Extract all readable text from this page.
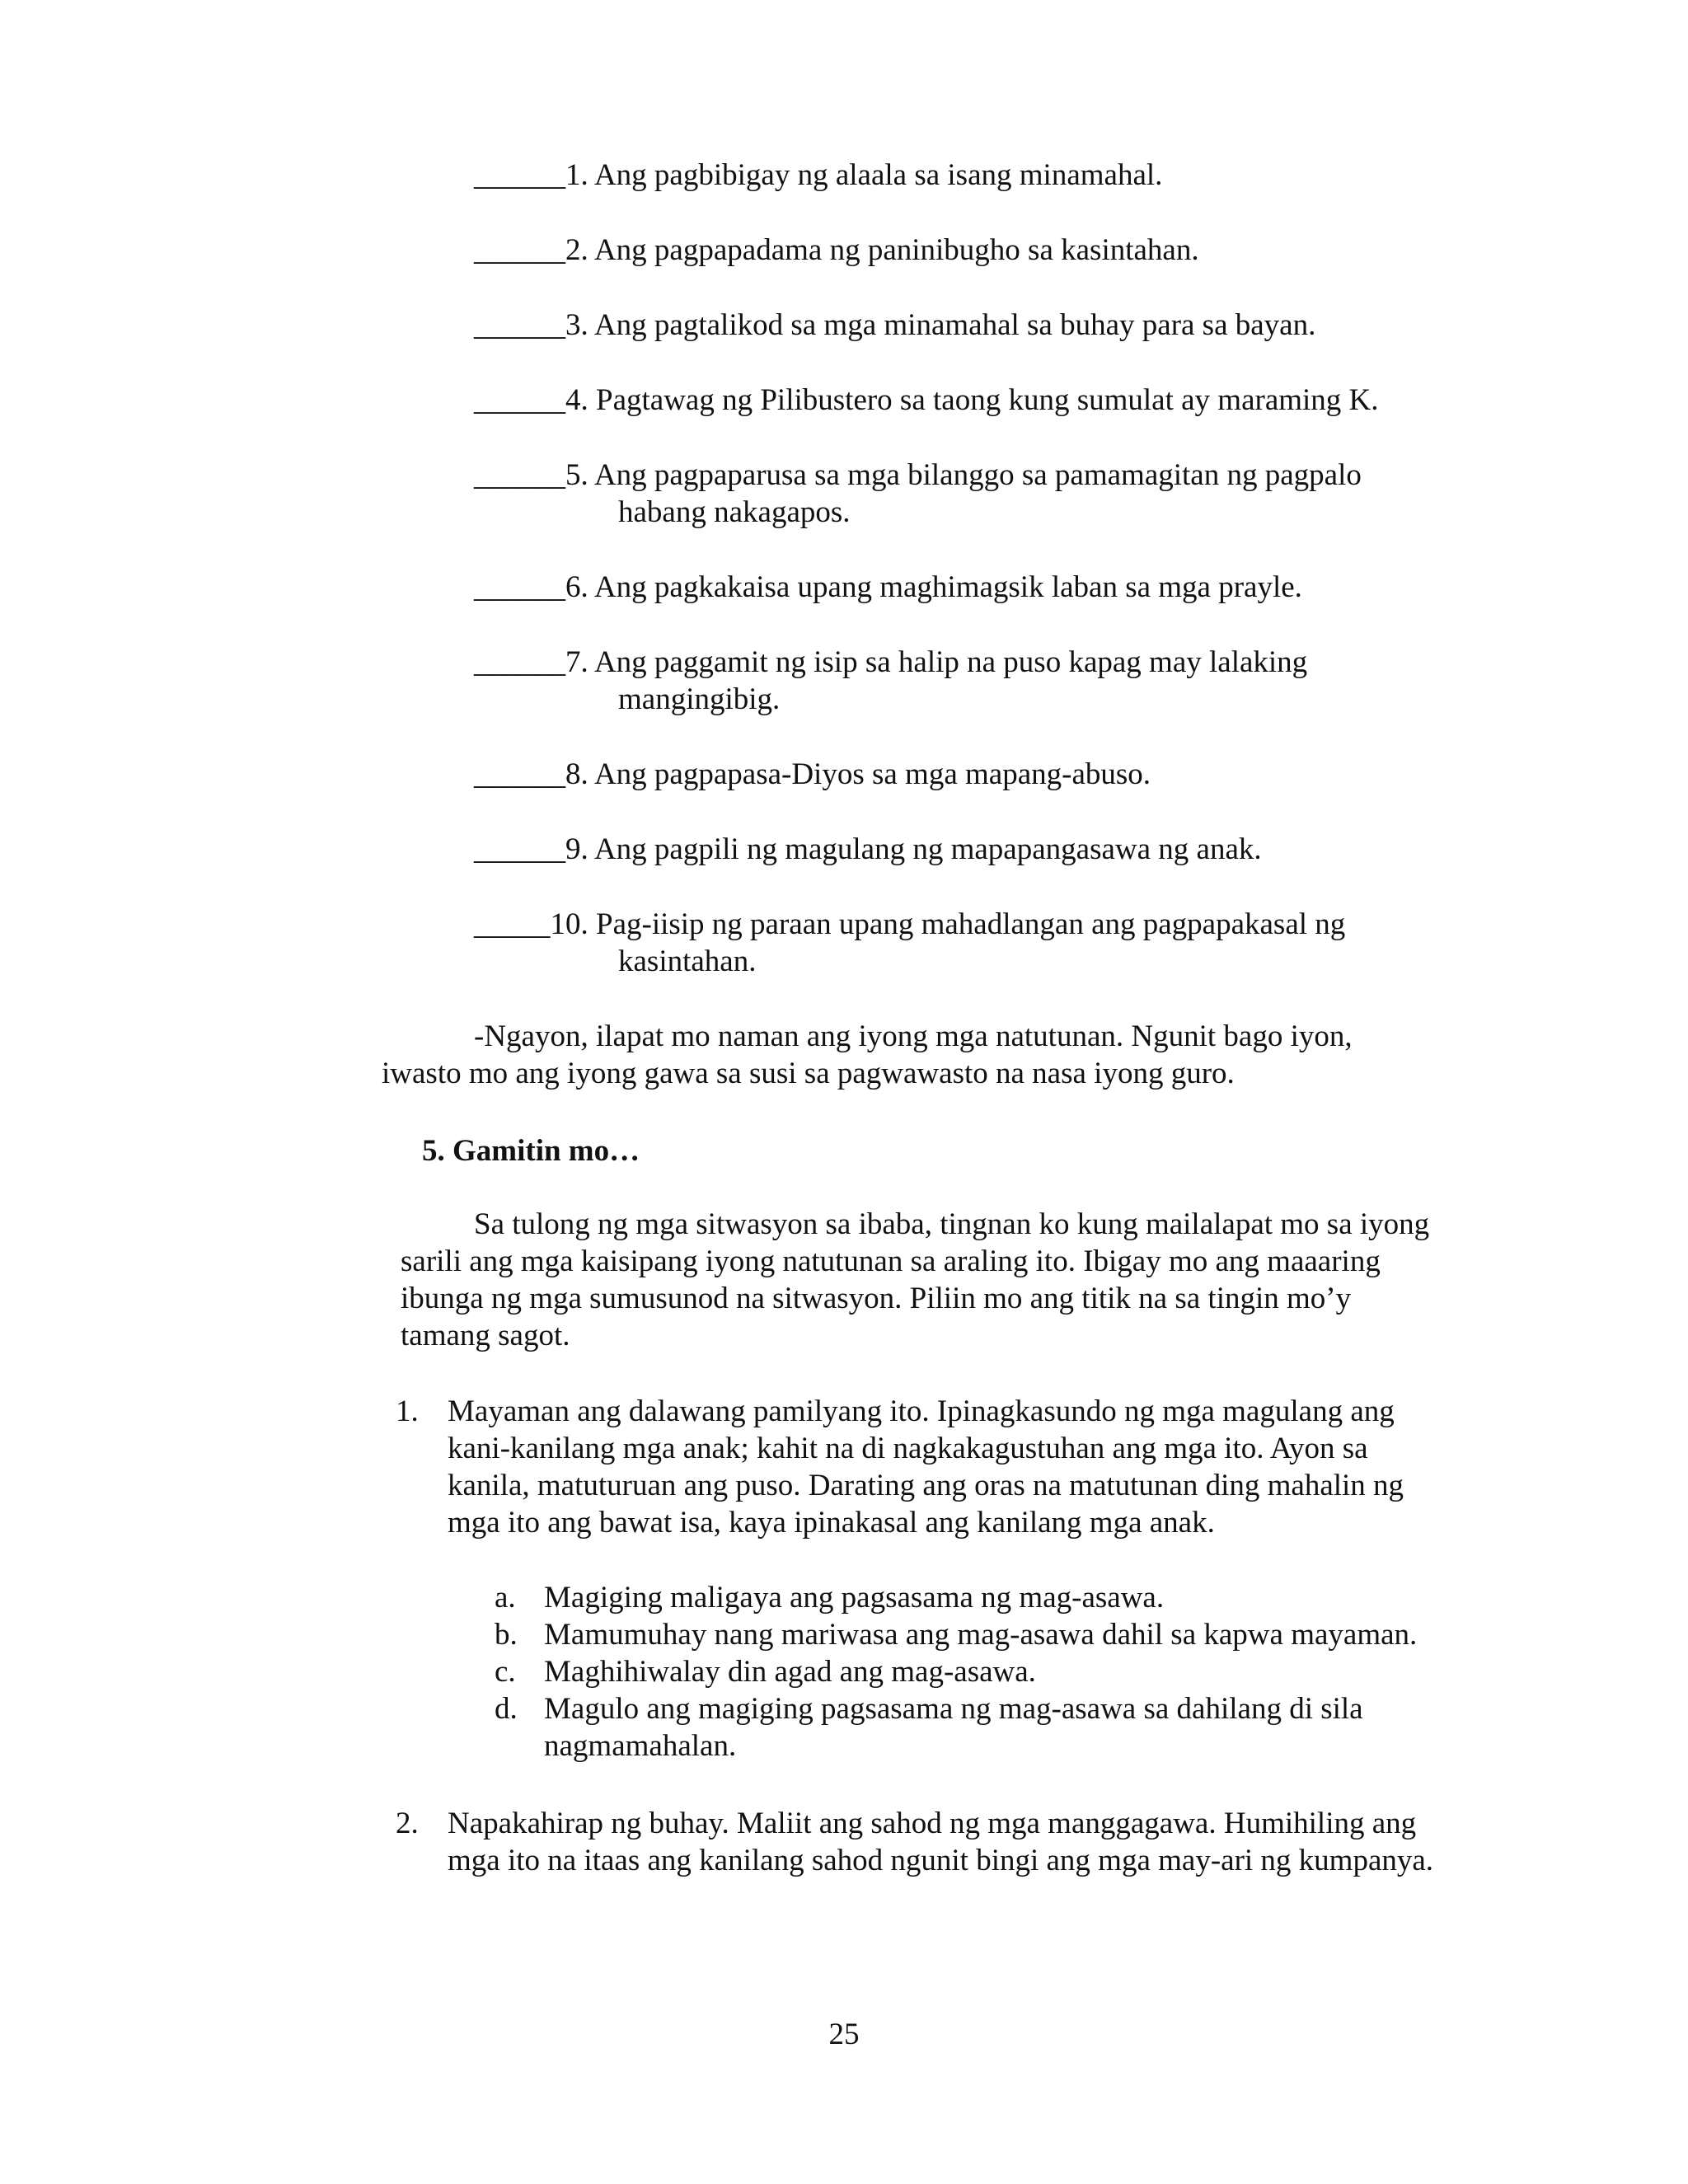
______1. Ang pagbibigay ng alaala sa isang minamahal.
______2. Ang pagpapadama ng paninibugho sa kasintahan.
______3. Ang pagtalikod sa mga minamahal sa buhay para sa bayan.
______4. Pagtawag ng Pilibustero sa taong kung sumulat ay maraming K.
______5. Ang pagpaparusa sa mga bilanggo sa pamamagitan ng pagpalo
habang nakagapos.
______6. Ang pagkakaisa upang maghimagsik laban sa mga prayle.
______7. Ang paggamit ng isip sa halip na puso kapag may lalaking
mangingibig.
______8. Ang pagpapasa-Diyos sa mga mapang-abuso.
______9. Ang pagpili ng magulang ng mapapangasawa ng anak.
_____10. Pag-iisip ng paraan upang mahadlangan ang pagpapakasal ng
kasintahan.
-Ngayon, ilapat mo naman ang iyong mga natutunan. Ngunit bago iyon,
iwasto mo ang iyong gawa sa susi sa pagwawasto na nasa iyong guro.
5. Gamitin mo…
Sa tulong ng mga sitwasyon sa ibaba, tingnan ko kung mailalapat mo sa iyong
sarili ang mga kaisipang iyong natutunan sa araling ito. Ibigay mo ang maaaring
ibunga ng mga sumusunod na sitwasyon. Piliin mo ang titik na sa tingin mo’y
tamang sagot.
1. Mayaman ang dalawang pamilyang ito. Ipinagkasundo ng mga magulang ang
kani-kanilang mga anak; kahit na di nagkakagustuhan ang mga ito. Ayon sa
kanila, matuturuan ang puso. Darating ang oras na matutunan ding mahalin ng
mga ito ang bawat isa, kaya ipinakasal ang kanilang mga anak.
a. Magiging maligaya ang pagsasama ng mag-asawa.
b. Mamumuhay nang mariwasa ang mag-asawa dahil sa kapwa mayaman.
c. Maghihiwalay din agad ang mag-asawa.
d. Magulo ang magiging pagsasama ng mag-asawa sa dahilang di sila
nagmamahalan.
2. Napakahirap ng buhay. Maliit ang sahod ng mga manggagawa. Humihiling ang
mga ito na itaas ang kanilang sahod ngunit bingi ang mga may-ari ng kumpanya.
25
